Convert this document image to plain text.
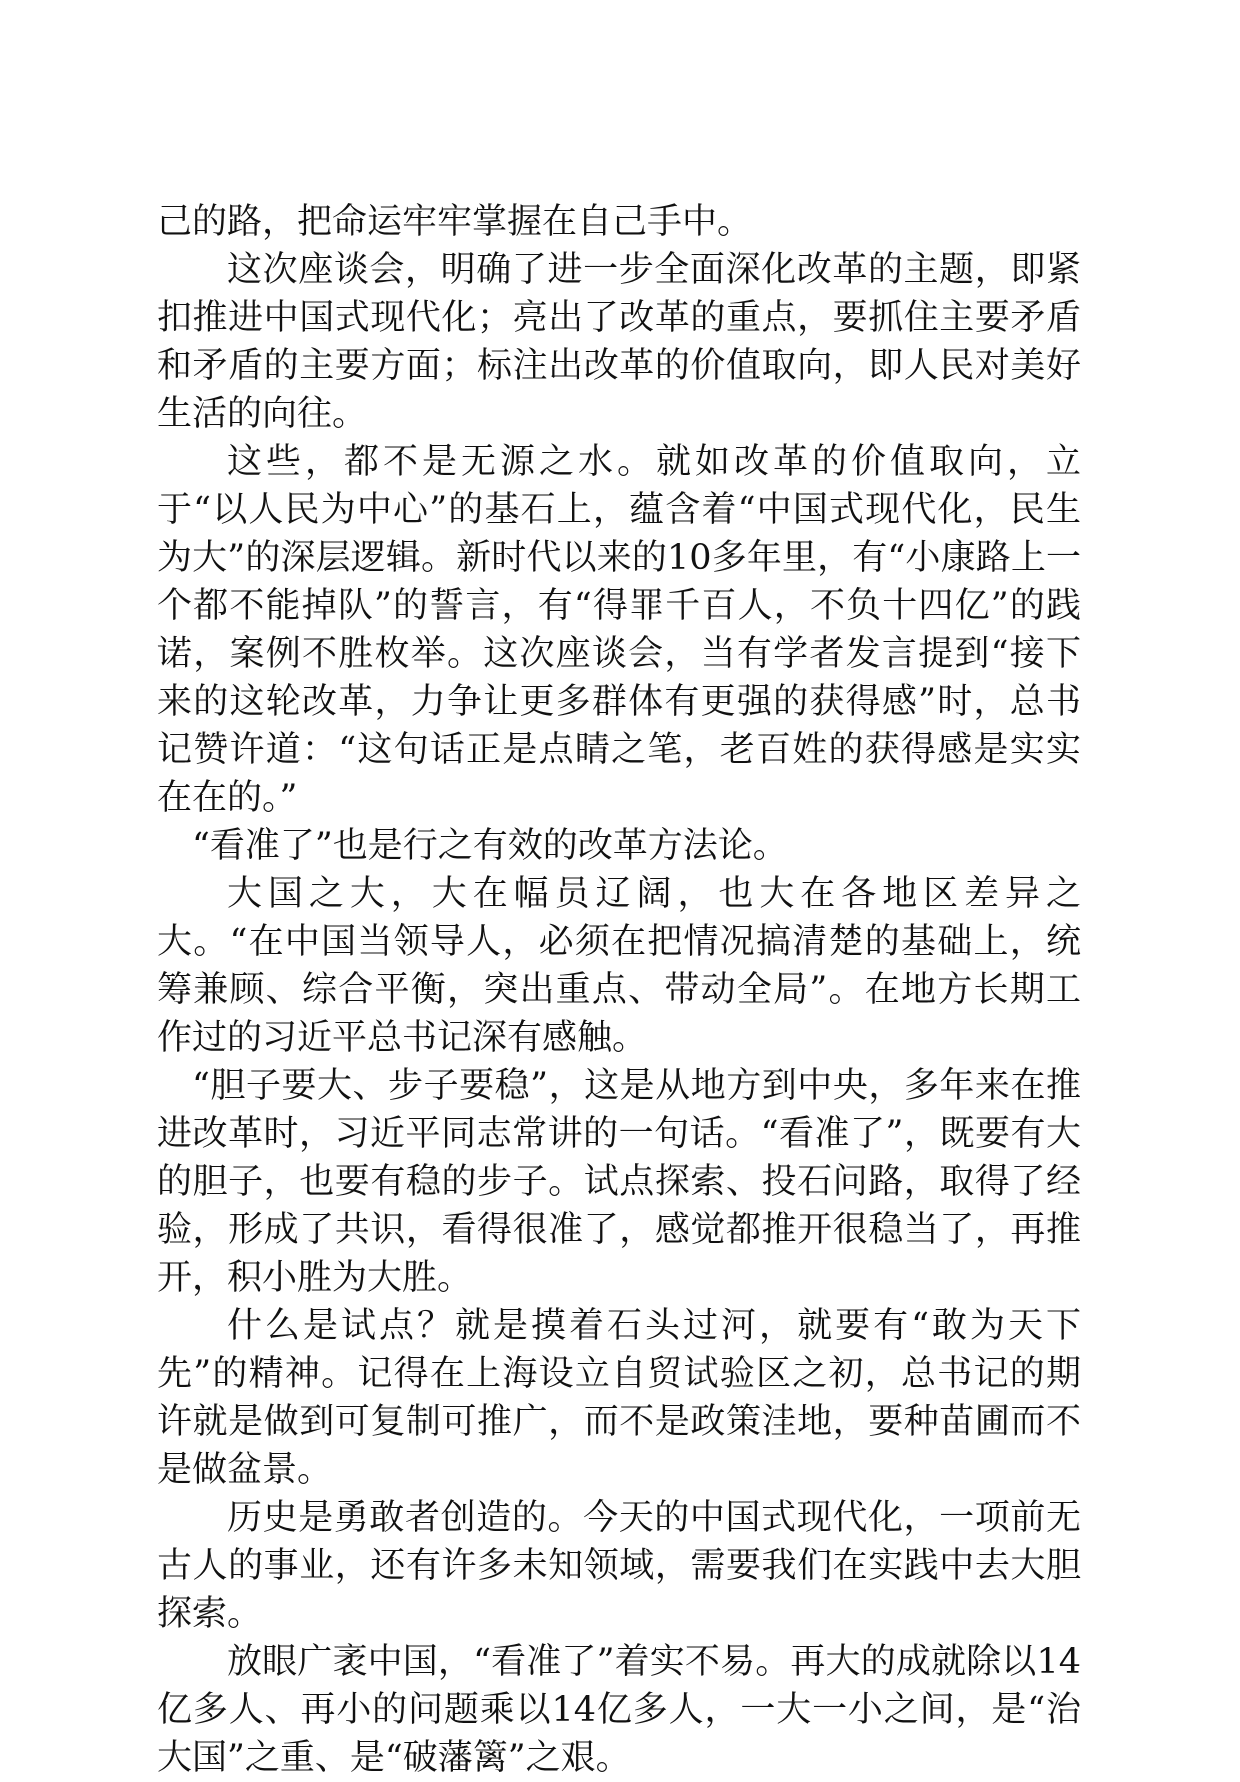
己的路，把命运牢牢掌握在自己手中。

这次座谈会，明确了进一步全面深化改革的主题，即紧扣推进中国式现代化；亮出了改革的重点，要抓住主要矛盾和矛盾的主要方面；标注出改革的价值取向，即人民对美好生活的向往。

这些，都不是无源之水。就如改革的价值取向，立于“以人民为中心”的基石上，蕴含着“中国式现代化，民生为大”的深层逻辑。新时代以来的10多年里，有“小康路上一个都不能掉队”的誓言，有“得罪千百人，不负十四亿”的践诺，案例不胜枚举。这次座谈会，当有学者发言提到“接下来的这轮改革，力争让更多群体有更强的获得感”时，总书记赞许道：“这句话正是点睛之笔，老百姓的获得感是实实在在的。”

“看准了”也是行之有效的改革方法论。

大国之大，大在幅员辽阔，也大在各地区差异之大。“在中国当领导人，必须在把情况搞清楚的基础上，统筹兼顾、综合平衡，突出重点、带动全局”。在地方长期工作过的习近平总书记深有感触。

“胆子要大、步子要稳”，这是从地方到中央，多年来在推进改革时，习近平同志常讲的一句话。“看准了”，既要有大的胆子，也要有稳的步子。试点探索、投石问路，取得了经验，形成了共识，看得很准了，感觉都推开很稳当了，再推开，积小胜为大胜。

什么是试点？就是摸着石头过河，就要有“敢为天下先”的精神。记得在上海设立自贸试验区之初，总书记的期许就是做到可复制可推广，而不是政策洼地，要种苗圃而不是做盆景。

历史是勇敢者创造的。今天的中国式现代化，一项前无古人的事业，还有许多未知领域，需要我们在实践中去大胆探索。

放眼广袤中国，“看准了”着实不易。再大的成就除以14亿多人、再小的问题乘以14亿多人，一大一小之间，是“治大国”之重、是“破藩篱”之艰。
